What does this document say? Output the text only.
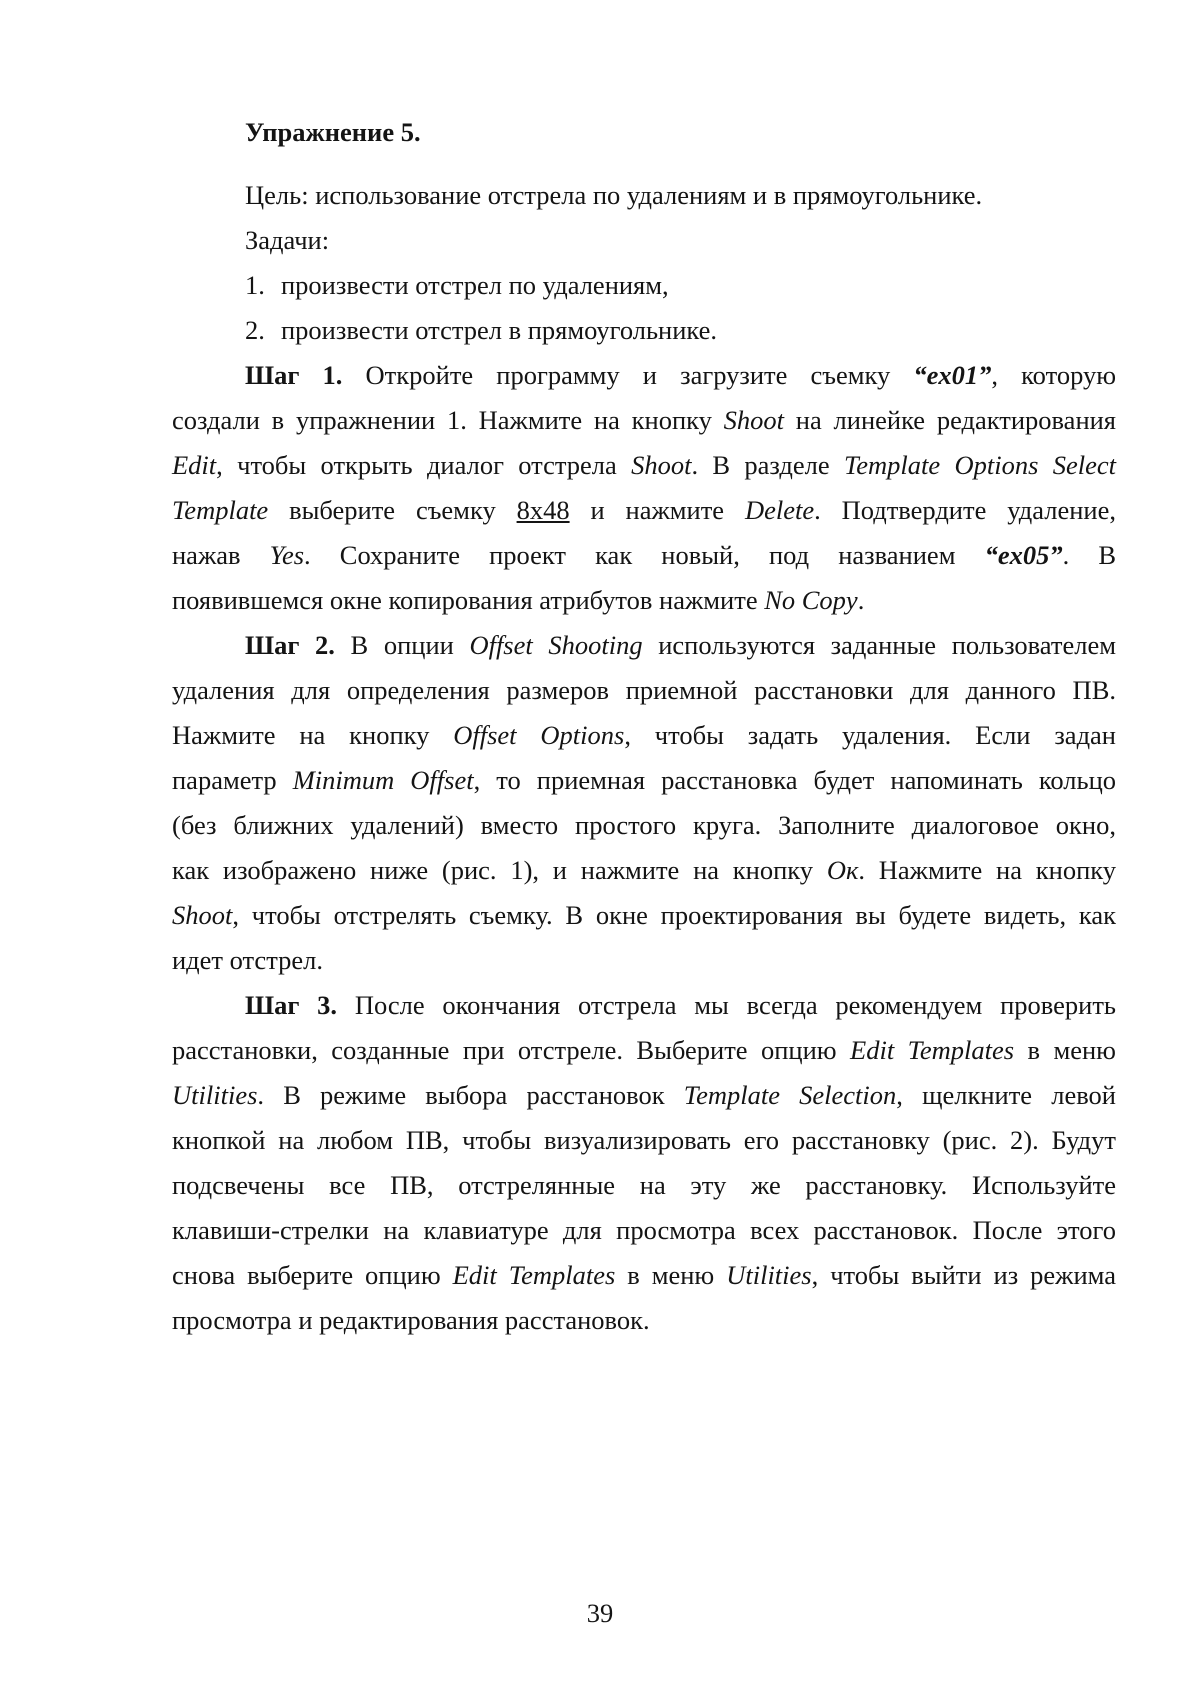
Упражнение 5.
Цель: использование отстрела по удалениям и в прямоугольнике.
Задачи:
1. произвести отстрел по удалениям,
2. произвести отстрел в прямоугольнике.
Шаг 1. Откройте программу и загрузите съемку “ex01”, которую
создали в упражнении 1. Нажмите на кнопку Shoot на линейке редактирования
Edit, чтобы открыть диалог отстрела Shoot. В разделе Template Options Select
Template выберите съемку 8x48 и нажмите Delete. Подтвердите удаление,
нажав Yes. Сохраните проект как новый, под названием “ex05”. В
появившемся окне копирования атрибутов нажмите No Copy.
Шаг 2. В опции Offset Shooting используются заданные пользователем
удаления для определения размеров приемной расстановки для данного ПВ.
Нажмите на кнопку Offset Options, чтобы задать удаления. Если задан
параметр Minimum Offset, то приемная расстановка будет напоминать кольцо
(без ближних удалений) вместо простого круга. Заполните диалоговое окно,
как изображено ниже (рис. 1), и нажмите на кнопку Ок. Нажмите на кнопку
Shoot, чтобы отстрелять съемку. В окне проектирования вы будете видеть, как
идет отстрел.
Шаг 3. После окончания отстрела мы всегда рекомендуем проверить
расстановки, созданные при отстреле. Выберите опцию Edit Templates в меню
Utilities. В режиме выбора расстановок Template Selection, щелкните левой
кнопкой на любом ПВ, чтобы визуализировать его расстановку (рис. 2). Будут
подсвечены все ПВ, отстрелянные на эту же расстановку. Используйте
клавиши-стрелки на клавиатуре для просмотра всех расстановок. После этого
снова выберите опцию Edit Templates в меню Utilities, чтобы выйти из режима
просмотра и редактирования расстановок.
39
